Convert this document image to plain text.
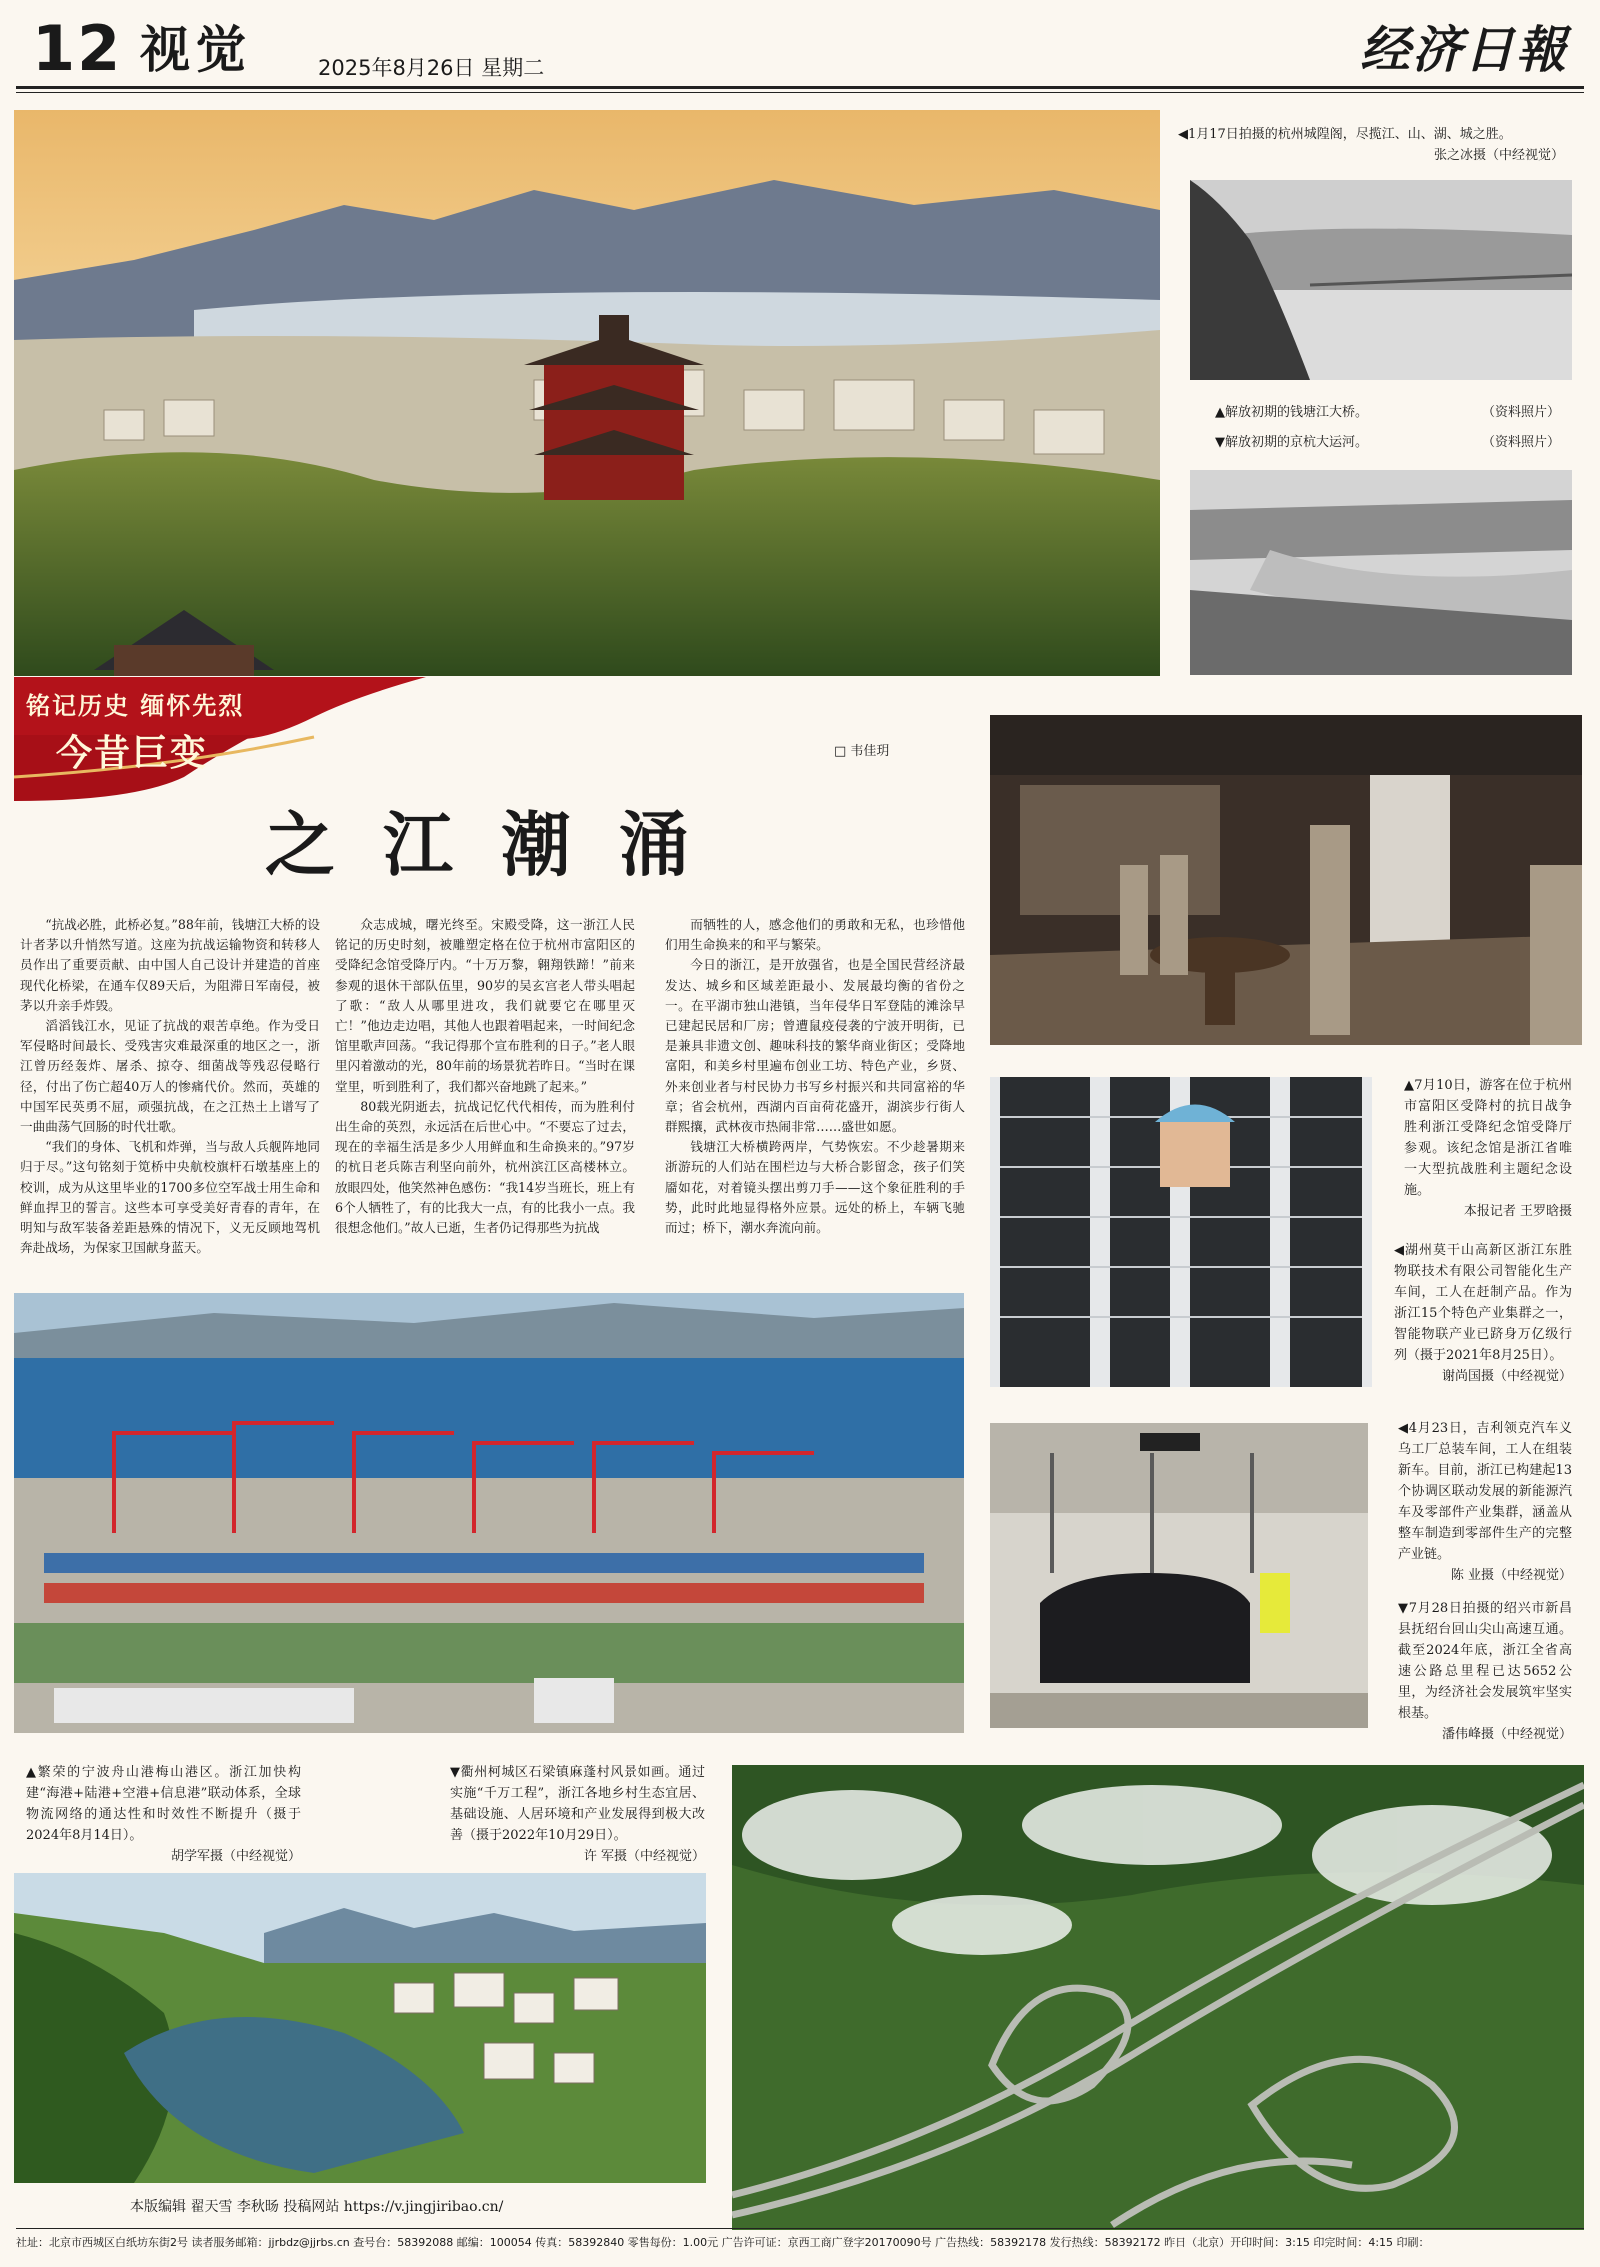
12 视觉	2025年8月26日 星期二	经济日報

◀1月17日拍摄的杭州城隍阁，尽揽江、山、湖、城之胜。

张之冰摄（中经视觉）

▲解放初期的钱塘江大桥。	（资料照片）

▼解放初期的京杭大运河。	（资料照片）

铭记历史 缅怀先烈
今昔巨变	□ 韦佳玥
之江潮涌

“抗战必胜，此桥必复。”88年前，钱塘江大桥的设计者茅以升悄然写道。这座为抗战运输物资和转移人员作出了重要贡献、由中国人自己设计并建造的首座现代化桥梁，在通车仅89天后，为阻滞日军南侵，被茅以升亲手炸毁。

滔滔钱江水，见证了抗战的艰苦卓绝。作为受日军侵略时间最长、受残害灾难最深重的地区之一，浙江曾历经轰炸、屠杀、掠夺、细菌战等残忍侵略行径，付出了伤亡超40万人的惨痛代价。然而，英雄的中国军民英勇不屈，顽强抗战，在之江热土上谱写了一曲曲荡气回肠的时代壮歌。

“我们的身体、飞机和炸弹，当与敌人兵舰阵地同归于尽。”这句铭刻于笕桥中央航校旗杆石墩基座上的校训，成为从这里毕业的1700多位空军战士用生命和鲜血捍卫的誓言。这些本可享受美好青春的青年，在明知与敌军装备差距悬殊的情况下，义无反顾地驾机奔赴战场，为保家卫国献身蓝天。

众志成城，曙光终至。宋殿受降，这一浙江人民铭记的历史时刻，被雕塑定格在位于杭州市富阳区的受降纪念馆受降厅内。“十万万黎，翱翔铁蹄！”前来参观的退休干部队伍里，90岁的吴玄宫老人带头唱起了歌：“敌人从哪里进攻，我们就要它在哪里灭亡！”他边走边唱，其他人也跟着唱起来，一时间纪念馆里歌声回荡。“我记得那个宣布胜利的日子。”老人眼里闪着激动的光，80年前的场景犹若昨日。“当时在课堂里，听到胜利了，我们都兴奋地跳了起来。”

80载光阴逝去，抗战记忆代代相传，而为胜利付出生命的英烈，永远活在后世心中。“不要忘了过去，现在的幸福生活是多少人用鲜血和生命换来的。”97岁的杭日老兵陈吉利坚向前外，杭州滨江区高楼林立。放眼四处，他笑然神色感伤：“我14岁当班长，班上有6个人牺牲了，有的比我大一点，有的比我小一点。我很想念他们。”故人已逝，生者仍记得那些为抗战

而牺牲的人，感念他们的勇敢和无私，也珍惜他们用生命换来的和平与繁荣。

今日的浙江，是开放强省，也是全国民营经济最发达、城乡和区域差距最小、发展最均衡的省份之一。在平湖市独山港镇，当年侵华日军登陆的滩涂早已建起民居和厂房；曾遭鼠疫侵袭的宁波开明街，已是兼具非遗文创、趣味科技的繁华商业街区；受降地富阳，和美乡村里遍布创业工坊、特色产业，乡贤、外来创业者与村民协力书写乡村振兴和共同富裕的华章；省会杭州，西湖内百亩荷花盛开，湖滨步行街人群熙攘，武林夜市热闹非常……盛世如愿。

钱塘江大桥横跨两岸，气势恢宏。不少趁暑期来浙游玩的人们站在围栏边与大桥合影留念，孩子们笑靥如花，对着镜头摆出剪刀手——这个象征胜利的手势，此时此地显得格外应景。远处的桥上，车辆飞驰而过；桥下，潮水奔流向前。

▲7月10日，游客在位于杭州市富阳区受降村的抗日战争胜利浙江受降纪念馆受降厅参观。该纪念馆是浙江省唯一大型抗战胜利主题纪念设施。

本报记者 王罗晗摄

◀湖州莫干山高新区浙江东胜物联技术有限公司智能化生产车间，工人在赶制产品。作为浙江15个特色产业集群之一，智能物联产业已跻身万亿级行列（摄于2021年8月25日）。

谢尚国摄（中经视觉）

◀4月23日，吉利领克汽车义乌工厂总装车间，工人在组装新车。目前，浙江已构建起13个协调区联动发展的新能源汽车及零部件产业集群，涵盖从整车制造到零部件生产的完整产业链。

陈 业摄（中经视觉）

▼7月28日拍摄的绍兴市新昌县抚绍台回山尖山高速互通。截至2024年底，浙江全省高速公路总里程已达5652公里，为经济社会发展筑牢坚实根基。

潘伟峰摄（中经视觉）

▲繁荣的宁波舟山港梅山港区。浙江加快构建“海港+陆港+空港+信息港”联动体系，全球物流网络的通达性和时效性不断提升（摄于2024年8月14日）。

胡学军摄（中经视觉）

▼衢州柯城区石梁镇麻蓬村风景如画。通过实施“千万工程”，浙江各地乡村生态宜居、基础设施、人居环境和产业发展得到极大改善（摄于2022年10月29日）。

许 军摄（中经视觉）

本版编辑 翟天雪 李秋旸 投稿网站 https://v.jingjiribao.cn/
社址：北京市西城区白纸坊东街2号 读者服务邮箱：jjrbdz@jjrbs.cn 查号台：58392088 邮编：100054 传真：58392840 零售每份：1.00元 广告许可证：京西工商广登字20170090号 广告热线：58392178 发行热线：58392172 昨日（北京）开印时间：3:15 印完时间：4:15 印刷：
